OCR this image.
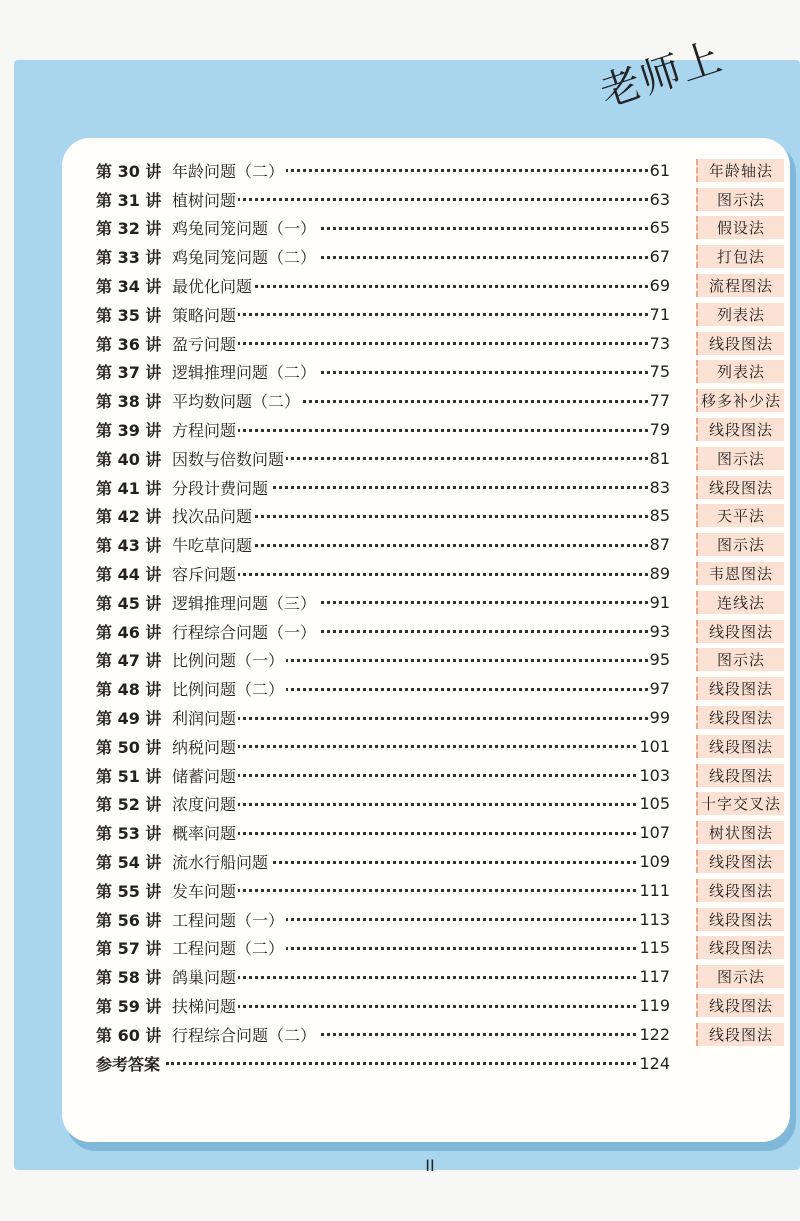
老师上
第 30 讲 年龄问题（二）	61	年龄轴法
第 31 讲 植树问题	63	图示法
第 32 讲 鸡兔同笼问题（一）	65	假设法
第 33 讲 鸡兔同笼问题（二）	67	打包法
第 34 讲 最优化问题	69	流程图法
第 35 讲 策略问题	71	列表法
第 36 讲 盈亏问题	73	线段图法
第 37 讲 逻辑推理问题（二）	75	列表法
第 38 讲 平均数问题（二）	77	移多补少法
第 39 讲 方程问题	79	线段图法
第 40 讲 因数与倍数问题	81	图示法
第 41 讲 分段计费问题	83	线段图法
第 42 讲 找次品问题	85	天平法
第 43 讲 牛吃草问题	87	图示法
第 44 讲 容斥问题	89	韦恩图法
第 45 讲 逻辑推理问题（三）	91	连线法
第 46 讲 行程综合问题（一）	93	线段图法
第 47 讲 比例问题（一）	95	图示法
第 48 讲 比例问题（二）	97	线段图法
第 49 讲 利润问题	99	线段图法
第 50 讲 纳税问题	101	线段图法
第 51 讲 储蓄问题	103	线段图法
第 52 讲 浓度问题	105	十字交叉法
第 53 讲 概率问题	107	树状图法
第 54 讲 流水行船问题	109	线段图法
第 55 讲 发车问题	111	线段图法
第 56 讲 工程问题（一）	113	线段图法
第 57 讲 工程问题（二）	115	线段图法
第 58 讲 鸽巢问题	117	图示法
第 59 讲 扶梯问题	119	线段图法
第 60 讲 行程综合问题（二）	122	线段图法
参考答案	124
II
